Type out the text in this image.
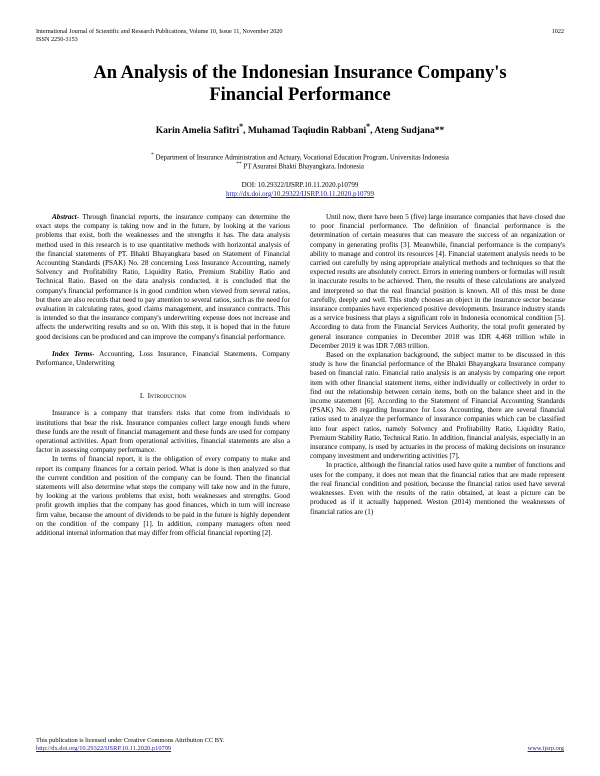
International Journal of Scientific and Research Publications, Volume 10, Issue 11, November 2020
ISSN 2250-3153
1022
An Analysis of the Indonesian Insurance Company's
Financial Performance
Karin Amelia Safitri*, Muhamad Taqiudin Rabbani*, Ateng Sudjana**
* Department of Insurance Administration and Actuary, Vocational Education Program, Universitas Indonesia
** PT Asuransi Bhakti Bhayangkara, Indonesia
DOI: 10.29322/IJSRP.10.11.2020.p10799
http://dx.doi.org/10.29322/IJSRP.10.11.2020.p10799

Abstract- Through financial reports, the insurance company can determine the exact steps the company is taking now and in the future, by looking at the various problems that exist, both the weaknesses and the strengths it has. The data analysis method used in this research is to use quantitative methods with horizontal analysis of the financial statements of PT. Bhakti Bhayangkara based on Statement of Financial Accounting Standards (PSAK) No. 28 concerning Loss Insurance Accounting, namely Solvency and Profitability Ratio, Liquidity Ratio, Premium Stability Ratio and Technical Ratio. Based on the data analysis conducted, it is concluded that the company's financial performance is in good condition when viewed from several ratios, but there are also records that need to pay attention to several ratios, such as the need for evaluation in calculating rates, good claims management, and insurance contracts. This is intended so that the insurance company's underwriting expense does not increase and affects the underwriting results and so on. With this step, it is hoped that in the future good decisions can be produced and can improve the company's financial performance.

Index Terms- Accounting, Loss Insurance, Financial Statements, Company Performance, Underwriting

I. Introduction

Insurance is a company that transfers risks that come from individuals to institutions that bear the risk. Insurance companies collect large enough funds where these funds are the result of financial management and these funds are used for company operational activities. Apart from operational activities, financial statements are also a factor in assessing company performance.

In terms of financial report, it is the obligation of every company to make and report its company finances for a certain period. What is done is then analyzed so that the current condition and position of the company can be found. Then the financial statements will also determine what steps the company will take now and in the future, by looking at the various problems that exist, both weaknesses and strengths. Good profit growth implies that the company has good finances, which in turn will increase firm value, because the amount of dividends to be paid in the future is highly dependent on the condition of the company [1]. In addition, company managers often need additional internal information that may differ from official financial reporting [2].

Until now, there have been 5 (five) large insurance companies that have closed due to poor financial performance. The definition of financial performance is the determination of certain measures that can measure the success of an organization or company in generating profits [3]. Meanwhile, financial performance is the company's ability to manage and control its resources [4]. Financial statement analysis needs to be carried out carefully by using appropriate analytical methods and techniques so that the expected results are absolutely correct. Errors in entering numbers or formulas will result in inaccurate results to be achieved. Then, the results of these calculations are analyzed and interpreted so that the real financial position is known. All of this must be done carefully, deeply and well. This study chooses an object in the insurance sector because insurance companies have experienced positive developments. Insurance industry stands as a service business that plays a significant role in Indonesia economical condition [5]. According to data from the Financial Services Authority, the total profit generated by general insurance companies in December 2018 was IDR 4,468 trillion while in December 2019 it was IDR 7,083 trillion.

Based on the explanation background, the subject matter to be discussed in this study is how the financial performance of the Bhakti Bhayangkara Insurance company based on financial ratio. Financial ratio analysis is an analysis by comparing one report item with other financial statement items, either individually or collectively in order to find out the relationship between certain items, both on the balance sheet and in the income statement [6]. According to the Statement of Financial Accounting Standards (PSAK) No. 28 regarding Insurance for Loss Accounting, there are several financial ratios used to analyze the performance of insurance companies which can be classified into four aspect ratios, namely Solvency and Profitability Ratio, Liquidity Ratio, Premium Stability Ratio, Technical Ratio. In addition, financial analysis, especially in an insurance company, is used by actuaries in the process of making decisions on insurance company investment and underwriting activities [7].

In practice, although the financial ratios used have quite a number of functions and uses for the company, it does not mean that the financial ratios that are made represent the real financial condition and position, because the financial ratios used have several weaknesses. Even with the results of the ratio obtained, at least a picture can be produced as if it actually happened. Weston (2014) mentioned the weaknesses of financial ratios are (1)

This publication is licensed under Creative Commons Attribution CC BY.
http://dx.doi.org/10.29322/IJSRP.10.11.2020.p10799	www.ijsrp.org
